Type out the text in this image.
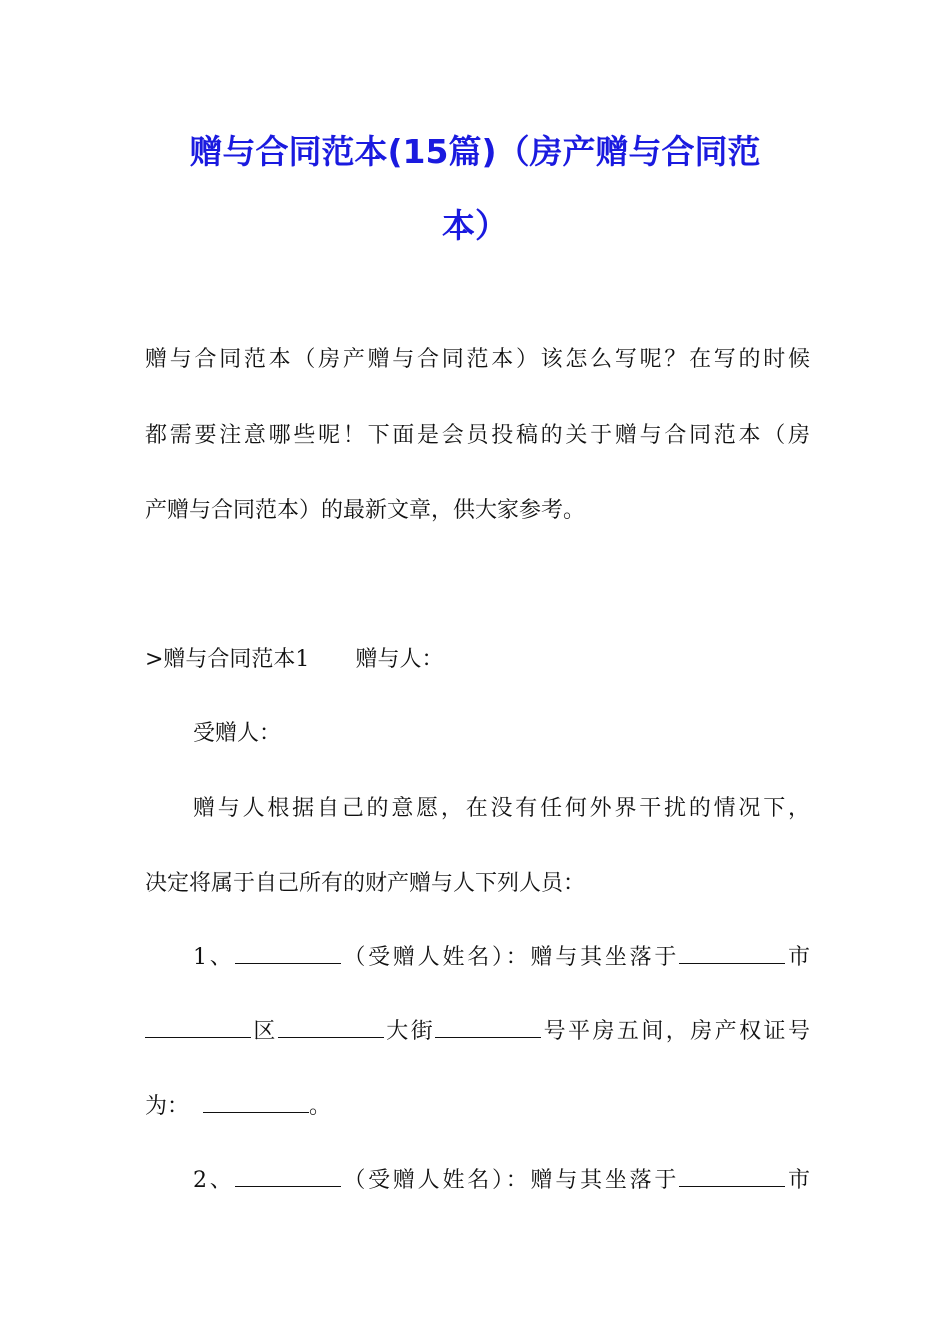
赠与合同范本(15篇)（房产赠与合同范
本）
赠与合同范本（房产赠与合同范本）该怎么写呢？在写的时候
都需要注意哪些呢！下面是会员投稿的关于赠与合同范本（房
产赠与合同范本）的最新文章，供大家参考。
>赠与合同范本1 赠与人：
受赠人：
赠与人根据自己的意愿，在没有任何外界干扰的情况下，
决定将属于自己所有的财产赠与人下列人员：
1、	（受赠人姓名）：赠与其坐落于	市
区	大街	号平房五间，房产权证号
为：	。
2、	（受赠人姓名）：赠与其坐落于	市
